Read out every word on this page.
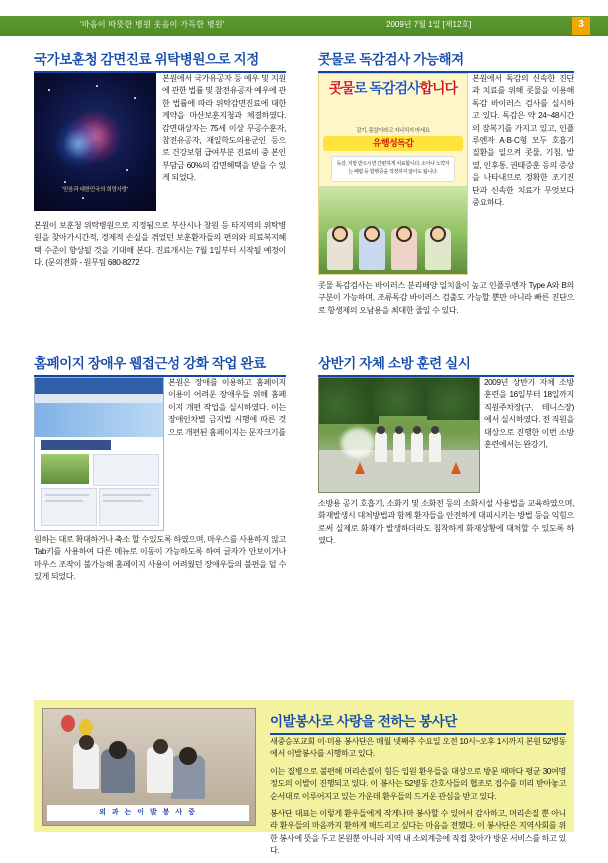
'마음이 따뜻한 병원 웃음이 가득한 병원'	2009년 7월 1일 [제12호]	3
국가보훈청 감면진료 위탁병원으로 지정
'믿음과 대한민국의 희망사랑'
본원에서 국가유공자 등 예우 및 지원에 관한 법률 및 참전유공자 예우에 관한 법률에 따라 위탁감면진료에 대한 계약을 마산보훈지청과 체결하였다. 감면대상자는 75세 이상 무공수훈자, 참전유공자, 재일학도의용군인 등으로 건강보험 급여부분 진료비 중 본인부담금 60%의 감면혜택을 받을 수 있게 되었다.
본원이 보훈청 위탁병원으로 지정됨으로 부산시나 창원 등 타지역의 위탁병원을 찾아가시간적, 경제적 손실을 겪었던 보훈환자들의 편의와 의료복지혜택 수준이 향상될 것을 기대해 본다. 진료개시는 7월 1일부터 시작될 예정이다. (문의전화 - 원무팀 680-8272
콧물로 독감검사 가능해져
콧물로 독감검사합니다
감기, 몸살이라고 지나치지 마세요
유행성독감
독감, 처방 받으시면 간편하게 치료합니다. 소아나 노약자는 폐렴 등 합병증을 작정하지 않아도 됩니다.
본원에서 독감의 신속한 진단과 치료를 위해 콧물을 이용해 독감 바이러스 검사를 실시하고 있다. 독감은 약 24~48시간의 잠복기를 가지고 있고, 인플루엔자 A·B·C형 모두 호흡기 질환을 일으켜 콧물, 기침, 발열, 인후통, 권태증훈 등의 증상을 나타내므로 정확한 조기진단과 신속한 치료가 무엇보다 중요하다.
콧물 독감검사는 바이러스 분리배양 일치율이 높고 인플루엔자 Type A와 B의 구분이 가능하며, 조류독감 바이러스 검출도 가능할 뿐만 아니라 빠른 진단으로 항생제의 오남용을 최대한 줄일 수 있다.
홈페이지 장애우 웹접근성 강화 작업 완료
본원은 장애를 이용하고 홈페이지 이용이 어려운 장애우들 위해 홈페이지 개편 작업을 실시하였다. 이는 장애인차별 금지법 시행에 따른 것으로 개편된 홈페이지는 문자크기를
원하는 대로 확대하거나 축소 할 수있도록 하였으며, 마우스를 사용하지 않고 Tab키를 사용하여 다른 메뉴로 이동이 가능하도록 하여 글자가 안보이거나 마우스 조작이 불가능해 홈페이지 사용이 어려웠던 장애우들의 불편을 덜 수 있게 되었다.
상반기 자체 소방 훈련 실시
2009년 상반기 자체 소방 훈련을 16일부터 18일까지 직원주차장(구, 테니스장)에서 실시하였다. 전 직원을 대상으로 진행한 이번 소방훈련에서는 완강기,
소방용 공기 호흡기, 소화기 및 소화전 등의 소화시설 사용법을 교육하였으며, 화재발생시 대처방법과 함께 환자들을 안전하게 대피시키는 방법 등을 익힘으로써 실제로 화재가 발생하더라도 침착하게 화재상황에 대처할 수 있도록 하였다.
외 과 는 이 발 봉 사 중
이발봉사로 사랑을 전하는 봉사단

새중승포교회 이·미용 봉사단은 매월 넷째주 수요일 오전 10시~오후 1시까지 본원 52병동에서 이발봉사를 시행하고 있다.

이는 질병으로 불편해 머리손질이 힘든 입원 환우들을 대상으로 방문 때마다 평균 30여명 정도의 이발이 진행되고 있다. 이 봉사는 52병동 간호사들의 협조로 접수를 미리 받아놓고 순서대로 이루어지고 있는 가운데 환우들의 드거운 관심을 받고 있다.

봉사단 대표는 이렇게 환우들에게 작게나마 봉사할 수 있어서 감사하고, 머리손질 뿐 아니라 환우들의 마음까지 환하게 해드리고 싶다는 마음을 전했다. 이 봉사단은 지역사회를 위한 봉사에 뜻을 두고 본원뿐 아니라 지역 내 소외계층에 직접 찾아가 방문 서비스를 하고 있다.
